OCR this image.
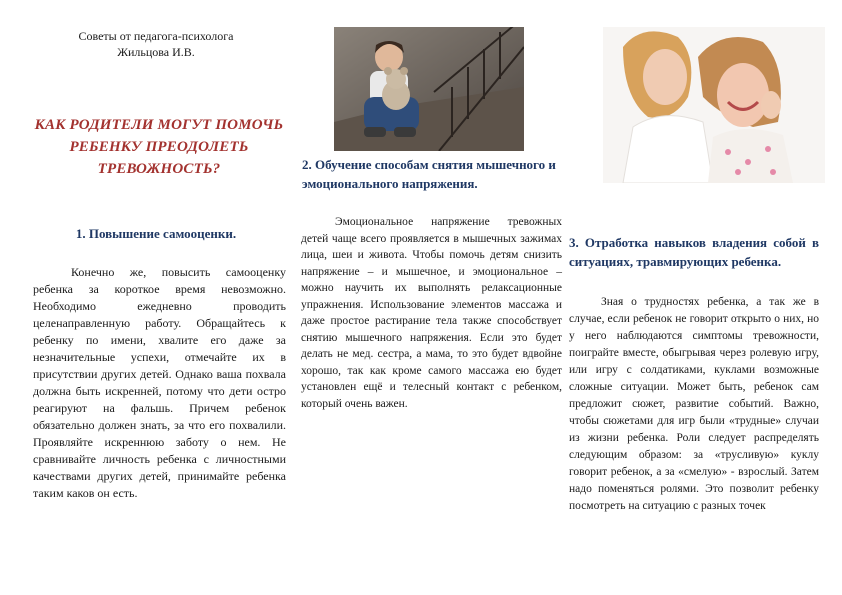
Советы от педагога-психолога
Жильцова И.В.
КАК РОДИТЕЛИ МОГУТ ПОМОЧЬ РЕБЕНКУ ПРЕОДОЛЕТЬ ТРЕВОЖНОСТЬ?
1. Повышение самооценки.

Конечно же, повысить самооценку ребенка за короткое время невозможно. Необходимо ежедневно проводить целенаправленную работу. Обращайтесь к ребенку по имени, хвалите его даже за незначительные успехи, отмечайте их в присутствии других детей. Однако ваша похвала должна быть искренней, потому что дети остро реагируют на фальшь. Причем ребенок обязательно должен знать, за что его похвалили. Проявляйте искреннюю заботу о нем. Не сравнивайте личность ребенка с личностными качествами других детей, принимайте ребенка таким каков он есть.

2. Обучение способам снятия мышечного и эмоционального напряжения.

Эмоциональное напряжение тревожных детей чаще всего проявляется в мышечных зажимах лица, шеи и живота. Чтобы помочь детям снизить напряжение – и мышечное, и эмоциональное – можно научить их выполнять релаксационные упражнения. Использование элементов массажа и даже простое растирание тела также способствует снятию мышечного напряжения. Если это будет делать не мед. сестра, а мама, то это будет вдвойне хорошо, так как кроме самого массажа ею будет установлен ещё и телесный контакт с ребенком, который очень важен.

3. Отработка навыков владения собой в ситуациях, травмирующих ребенка.

Зная о трудностях ребенка, а так же в случае, если ребенок не говорит открыто о них, но у него наблюдаются симптомы тревожности, поиграйте вместе, обыгрывая через ролевую игру, или игру с солдатиками, куклами возможные сложные ситуации. Может быть, ребенок сам предложит сюжет, развитие событий. Важно, чтобы сюжетами для игр были «трудные» случаи из жизни ребенка. Роли следует распределять следующим образом: за «трусливую» куклу говорит ребенок, а за «смелую» - взрослый. Затем надо поменяться ролями. Это позволит ребенку посмотреть на ситуацию с разных точек
